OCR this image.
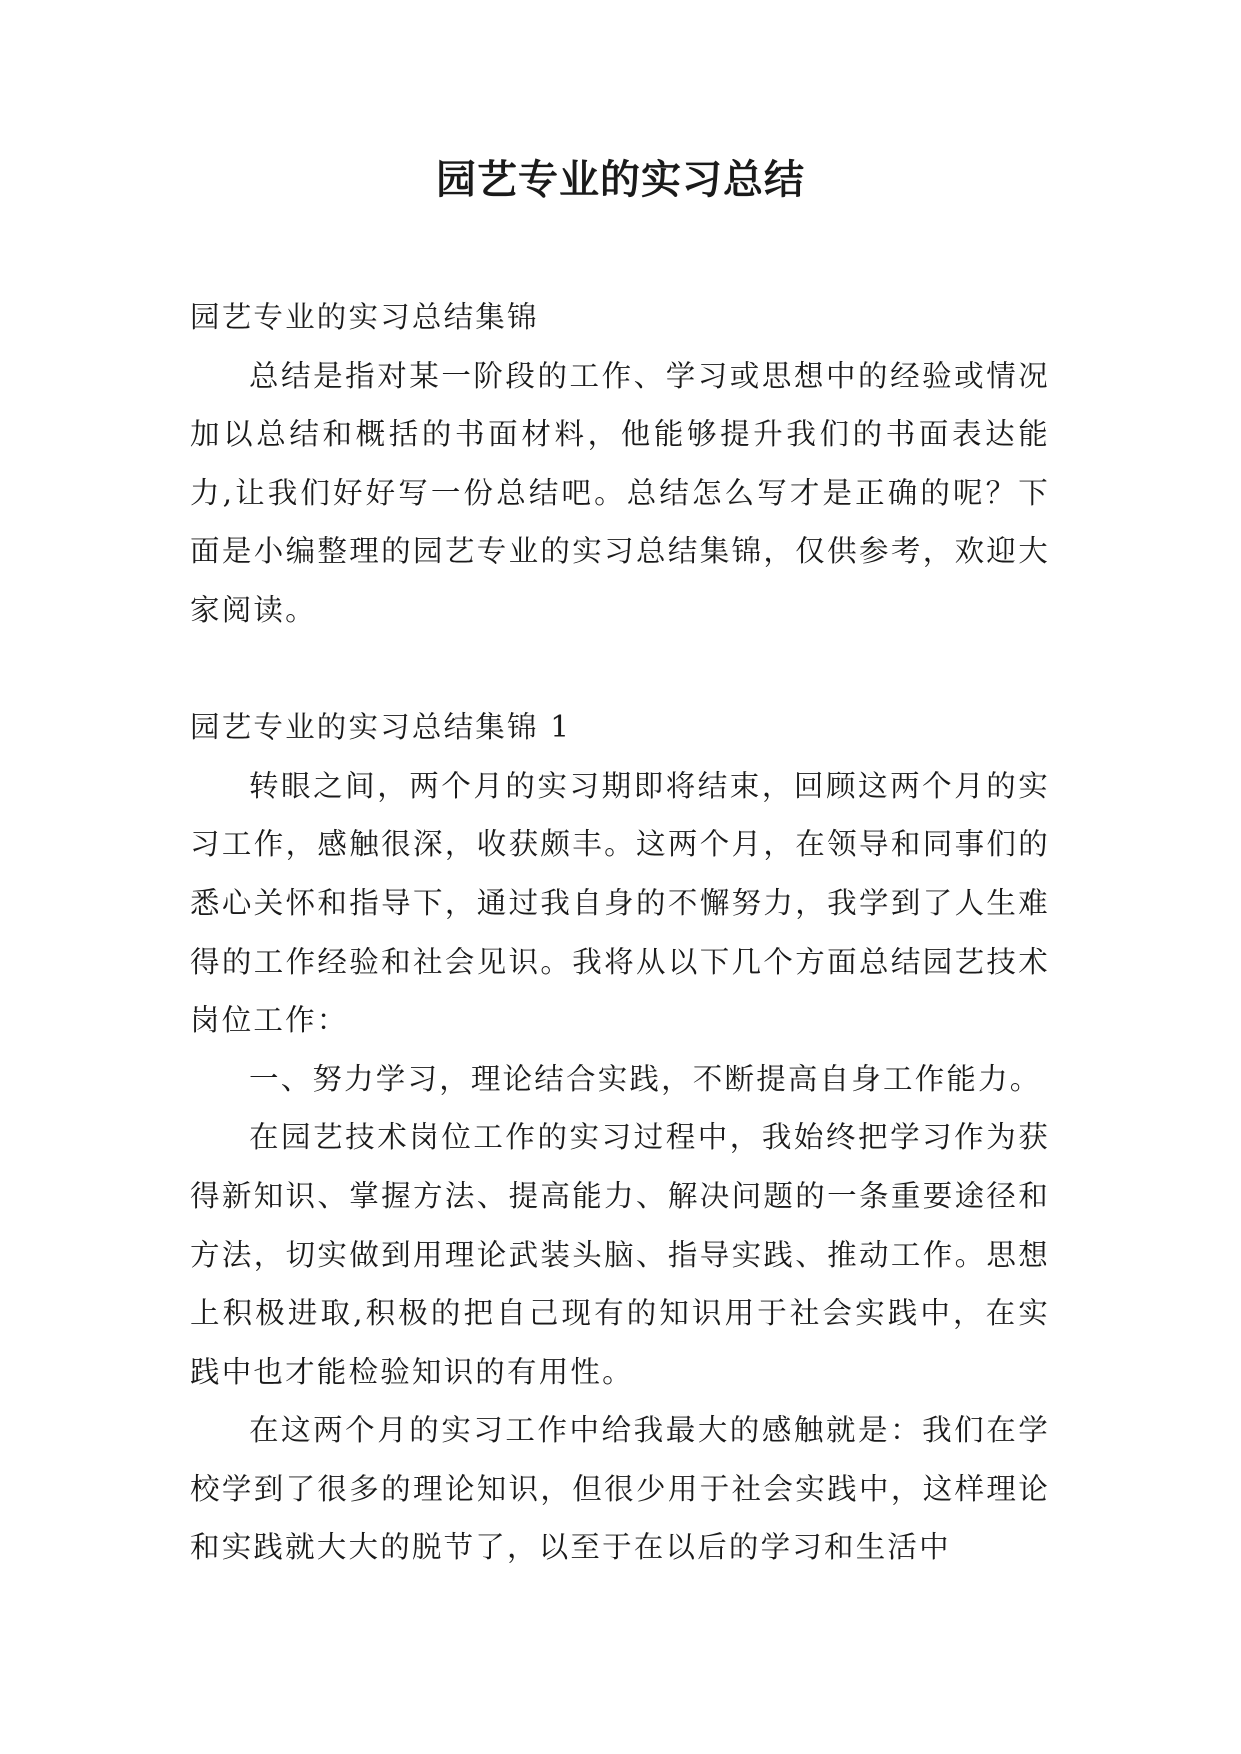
园艺专业的实习总结

园艺专业的实习总结集锦

总结是指对某一阶段的工作、学习或思想中的经验或情况加以总结和概括的书面材料，他能够提升我们的书面表达能力,让我们好好写一份总结吧。总结怎么写才是正确的呢？下面是小编整理的园艺专业的实习总结集锦，仅供参考，欢迎大家阅读。

园艺专业的实习总结集锦 1

转眼之间，两个月的实习期即将结束，回顾这两个月的实习工作，感触很深，收获颇丰。这两个月，在领导和同事们的悉心关怀和指导下，通过我自身的不懈努力，我学到了人生难得的工作经验和社会见识。我将从以下几个方面总结园艺技术岗位工作：

一、努力学习，理论结合实践，不断提高自身工作能力。

在园艺技术岗位工作的实习过程中，我始终把学习作为获得新知识、掌握方法、提高能力、解决问题的一条重要途径和方法，切实做到用理论武装头脑、指导实践、推动工作。思想上积极进取,积极的把自己现有的知识用于社会实践中，在实践中也才能检验知识的有用性。

在这两个月的实习工作中给我最大的感触就是：我们在学校学到了很多的理论知识，但很少用于社会实践中，这样理论和实践就大大的脱节了，以至于在以后的学习和生活中
